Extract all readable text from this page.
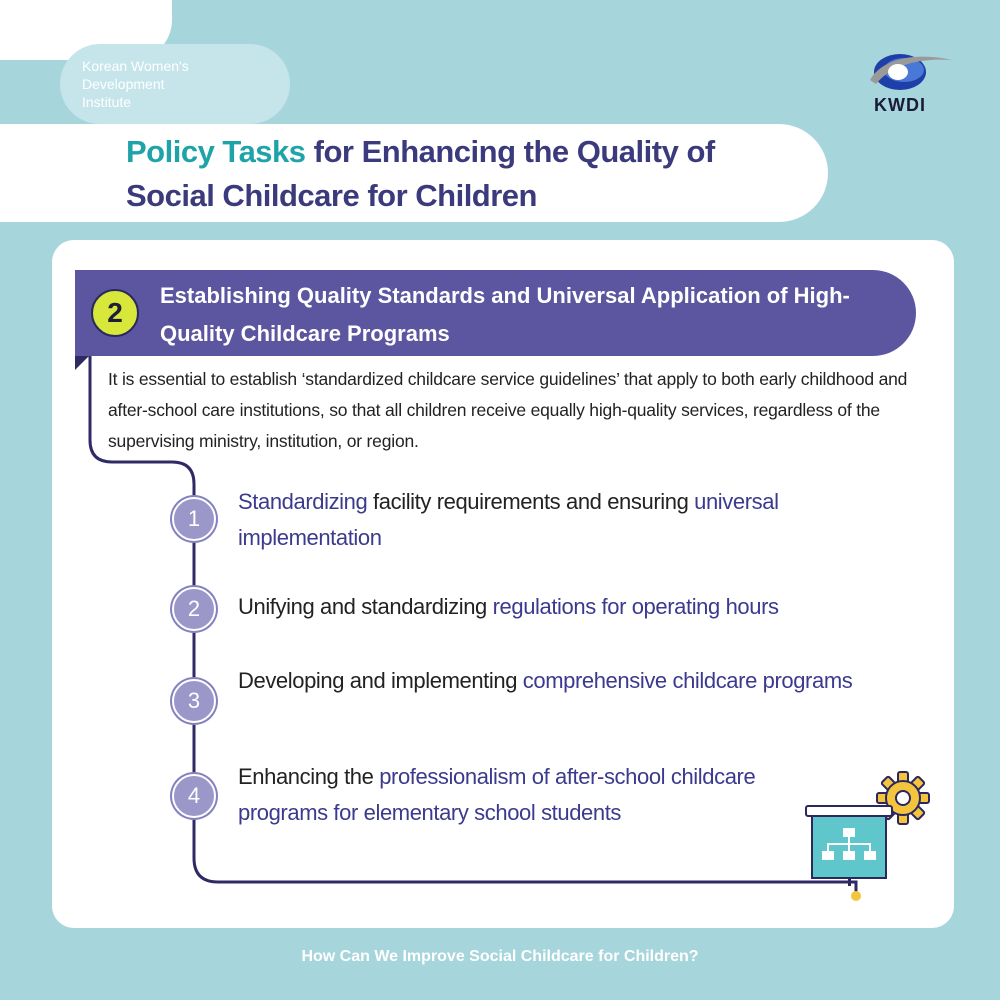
Korean Women's
Development
Institute	KWDI
Policy Tasks for Enhancing the Quality of Social Childcare for Children
2
Establishing Quality Standards and Universal Application of High-Quality Childcare Programs
It is essential to establish ‘standardized childcare service guidelines’ that apply to both early childhood and after-school care institutions, so that all children receive equally high-quality services, regardless of the supervising ministry, institution, or region.
1
Standardizing facility requirements and ensuring universal implementation
2	Unifying and standardizing regulations for operating hours
3
Developing and implementing comprehensive childcare programs
4
Enhancing the professionalism of after-school childcare programs for elementary school students
How Can We Improve Social Childcare for Children?
